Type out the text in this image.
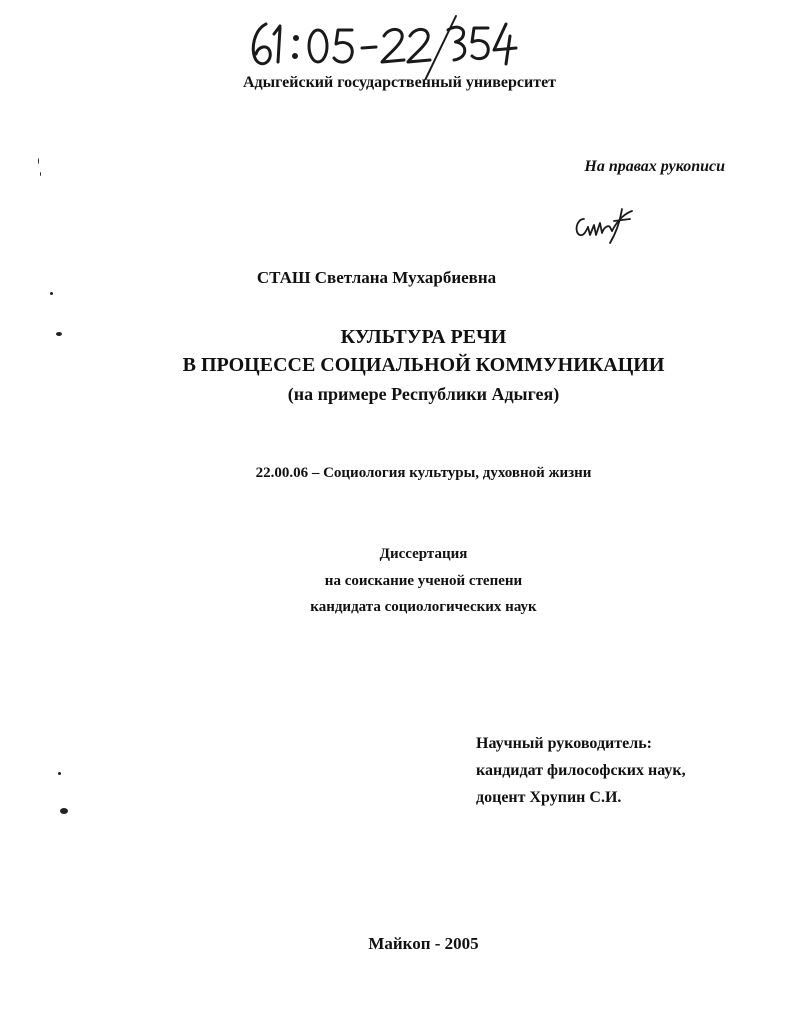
Адыгейский государственный университет
На правах рукописи
СТАШ Светлана Мухарбиевна
КУЛЬТУРА РЕЧИ
В ПРОЦЕССЕ СОЦИАЛЬНОЙ КОММУНИКАЦИИ
(на примере Республики Адыгея)
22.00.06 – Социология культуры, духовной жизни
Диссертация
на соискание ученой степени
кандидата социологических наук
Научный руководитель:
кандидат философских наук,
доцент Хрупин С.И.
Майкоп - 2005
